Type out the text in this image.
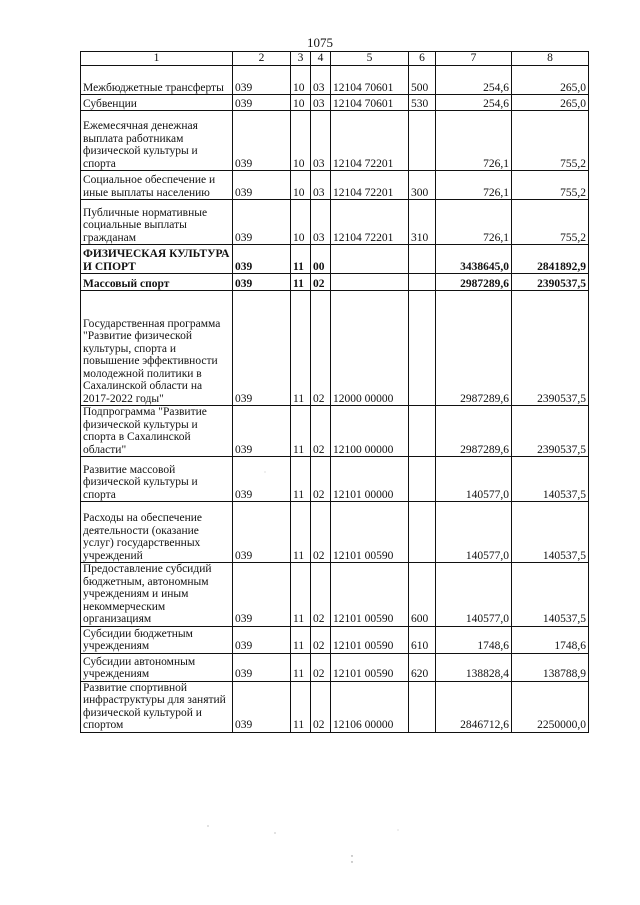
1075
1	2	3	4	5	6	7	8
Межбюджетные трансферты	039	10	03	12104 70601	500	254,6	265,0
Субвенции	039	10	03	12104 70601	530	254,6	265,0
Ежемесячная денежная выплата работникам физической культуры и спорта	039	10	03	12104 72201		726,1	755,2
Социальное обеспечение и иные выплаты населению	039	10	03	12104 72201	300	726,1	755,2
Публичные нормативные социальные выплаты гражданам	039	10	03	12104 72201	310	726,1	755,2
ФИЗИЧЕСКАЯ КУЛЬТУРА И СПОРТ	039	11	00			3438645,0	2841892,9
Массовый спорт	039	11	02			2987289,6	2390537,5
Государственная программа "Развитие физической культуры, спорта и повышение эффективности молодежной политики в Сахалинской области на 2017-2022 годы"	039	11	02	12000 00000		2987289,6	2390537,5
Подпрограмма "Развитие физической культуры и спорта в Сахалинской области"	039	11	02	12100 00000		2987289,6	2390537,5
Развитие массовой физической культуры и спорта	039	11	02	12101 00000		140577,0	140537,5
Расходы на обеспечение деятельности (оказание услуг) государственных учреждений	039	11	02	12101 00590		140577,0	140537,5
Предоставление субсидий бюджетным, автономным учреждениям и иным некоммерческим организациям	039	11	02	12101 00590	600	140577,0	140537,5
Субсидии бюджетным учреждениям	039	11	02	12101 00590	610	1748,6	1748,6
Субсидии автономным учреждениям	039	11	02	12101 00590	620	138828,4	138788,9
Развитие спортивной инфраструктуры для занятий физической культурой и спортом	039	11	02	12106 00000		2846712,6	2250000,0
